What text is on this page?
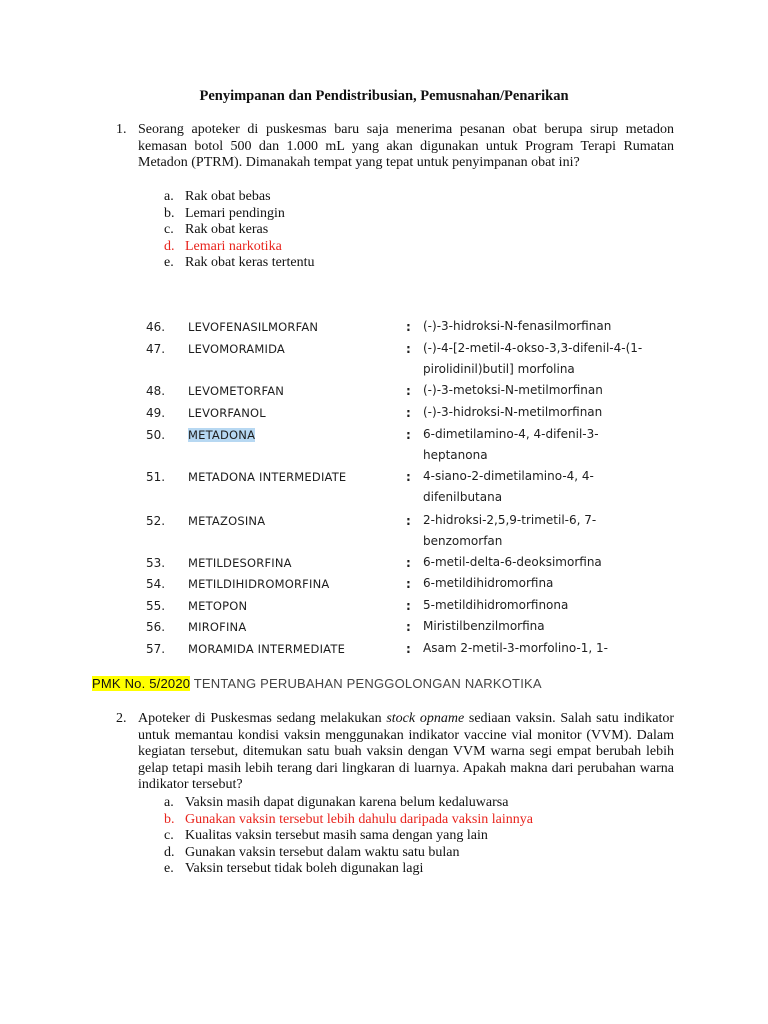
Penyimpanan dan Pendistribusian, Pemusnahan/Penarikan
1. Seorang apoteker di puskesmas baru saja menerima pesanan obat berupa sirup metadon kemasan botol 500 dan 1.000 mL yang akan digunakan untuk Program Terapi Rumatan Metadon (PTRM). Dimanakah tempat yang tepat untuk penyimpanan obat ini?
a. Rak obat bebas
b. Lemari pendingin
c. Rak obat keras
d. Lemari narkotika
e. Rak obat keras tertentu
46. LEVOFENASILMORFAN	: (-)-3-hidroksi-N-fenasilmorfinan
47. LEVOMORAMIDA	: (-)-4-[2-metil-4-okso-3,3-difenil-4-(1-pirolidinil)butil] morfolina
48. LEVOMETORFAN	: (-)-3-metoksi-N-metilmorfinan
49. LEVORFANOL	: (-)-3-hidroksi-N-metilmorfinan
50. METADONA	: 6-dimetilamino-4, 4-difenil-3-heptanona
51. METADONA INTERMEDIATE	: 4-siano-2-dimetilamino-4, 4-difenilbutana
52. METAZOSINA	: 2-hidroksi-2,5,9-trimetil-6, 7-benzomorfan
53. METILDESORFINA	: 6-metil-delta-6-deoksimorfina
54. METILDIHIDROMORFINA	: 6-metildihidromorfina
55. METOPON	: 5-metildihidromorfinona
56. MIROFINA	: Miristilbenzilmorfina
57. MORAMIDA INTERMEDIATE	: Asam 2-metil-3-morfolino-1, 1-
PMK No. 5/2020 TENTANG PERUBAHAN PENGGOLONGAN NARKOTIKA
2. Apoteker di Puskesmas sedang melakukan stock opname sediaan vaksin. Salah satu indikator untuk memantau kondisi vaksin menggunakan indikator vaccine vial monitor (VVM). Dalam kegiatan tersebut, ditemukan satu buah vaksin dengan VVM warna segi empat berubah lebih gelap tetapi masih lebih terang dari lingkaran di luarnya. Apakah makna dari perubahan warna indikator tersebut?
a. Vaksin masih dapat digunakan karena belum kedaluwarsa
b. Gunakan vaksin tersebut lebih dahulu daripada vaksin lainnya
c. Kualitas vaksin tersebut masih sama dengan yang lain
d. Gunakan vaksin tersebut dalam waktu satu bulan
e. Vaksin tersebut tidak boleh digunakan lagi
